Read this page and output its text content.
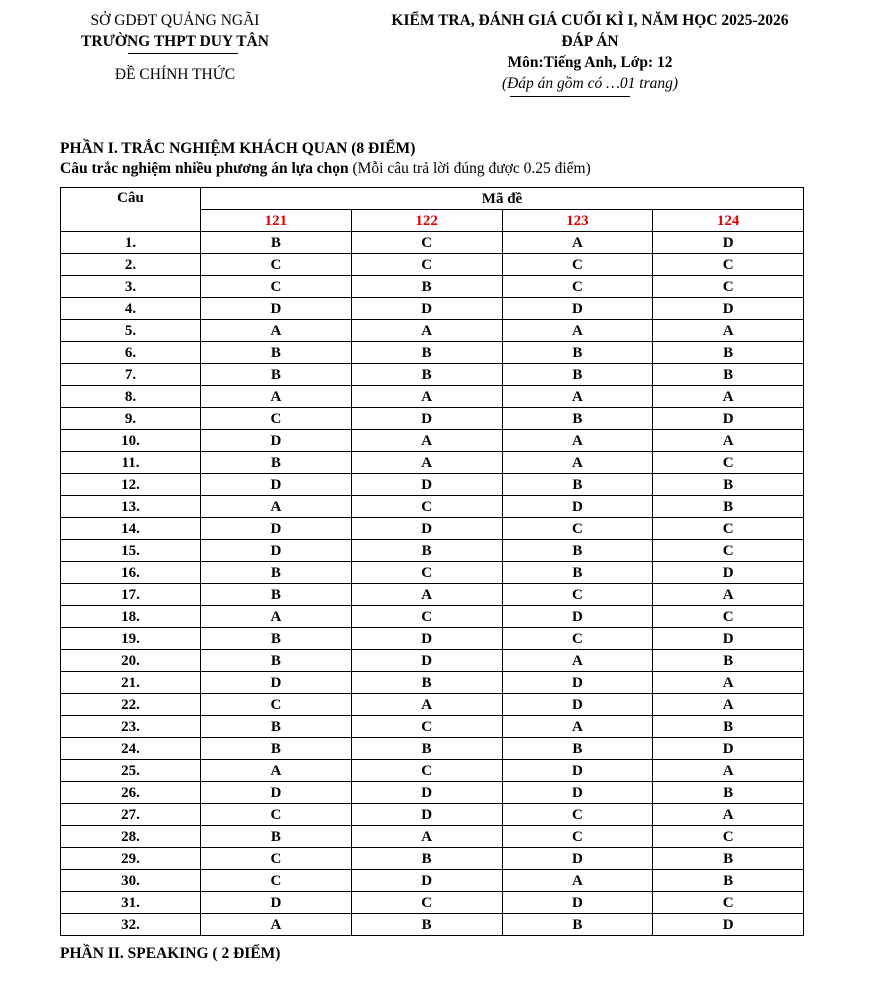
SỞ GDĐT QUẢNG NGÃI
TRƯỜNG THPT DUY TÂN
ĐỀ CHÍNH THỨC
KIỂM TRA, ĐÁNH GIÁ CUỐI KÌ I, NĂM HỌC 2025-2026
ĐÁP ÁN
Môn:Tiếng Anh, Lớp: 12
(Đáp án gồm có …01 trang)
PHẦN I. TRẮC NGHIỆM KHÁCH QUAN (8 ĐIỂM)
Câu trắc nghiệm nhiều phương án lựa chọn (Mỗi câu trả lời đúng được 0.25 điểm)
Câu	Mã đề			
	121	122	123	124
1.	B	C	A	D
2.	C	C	C	C
3.	C	B	C	C
4.	D	D	D	D
5.	A	A	A	A
6.	B	B	B	B
7.	B	B	B	B
8.	A	A	A	A
9.	C	D	B	D
10.	D	A	A	A
11.	B	A	A	C
12.	D	D	B	B
13.	A	C	D	B
14.	D	D	C	C
15.	D	B	B	C
16.	B	C	B	D
17.	B	A	C	A
18.	A	C	D	C
19.	B	D	C	D
20.	B	D	A	B
21.	D	B	D	A
22.	C	A	D	A
23.	B	C	A	B
24.	B	B	B	D
25.	A	C	D	A
26.	D	D	D	B
27.	C	D	C	A
28.	B	A	C	C
29.	C	B	D	B
30.	C	D	A	B
31.	D	C	D	C
32.	A	B	B	D
PHẦN II. SPEAKING ( 2 ĐIỂM)
